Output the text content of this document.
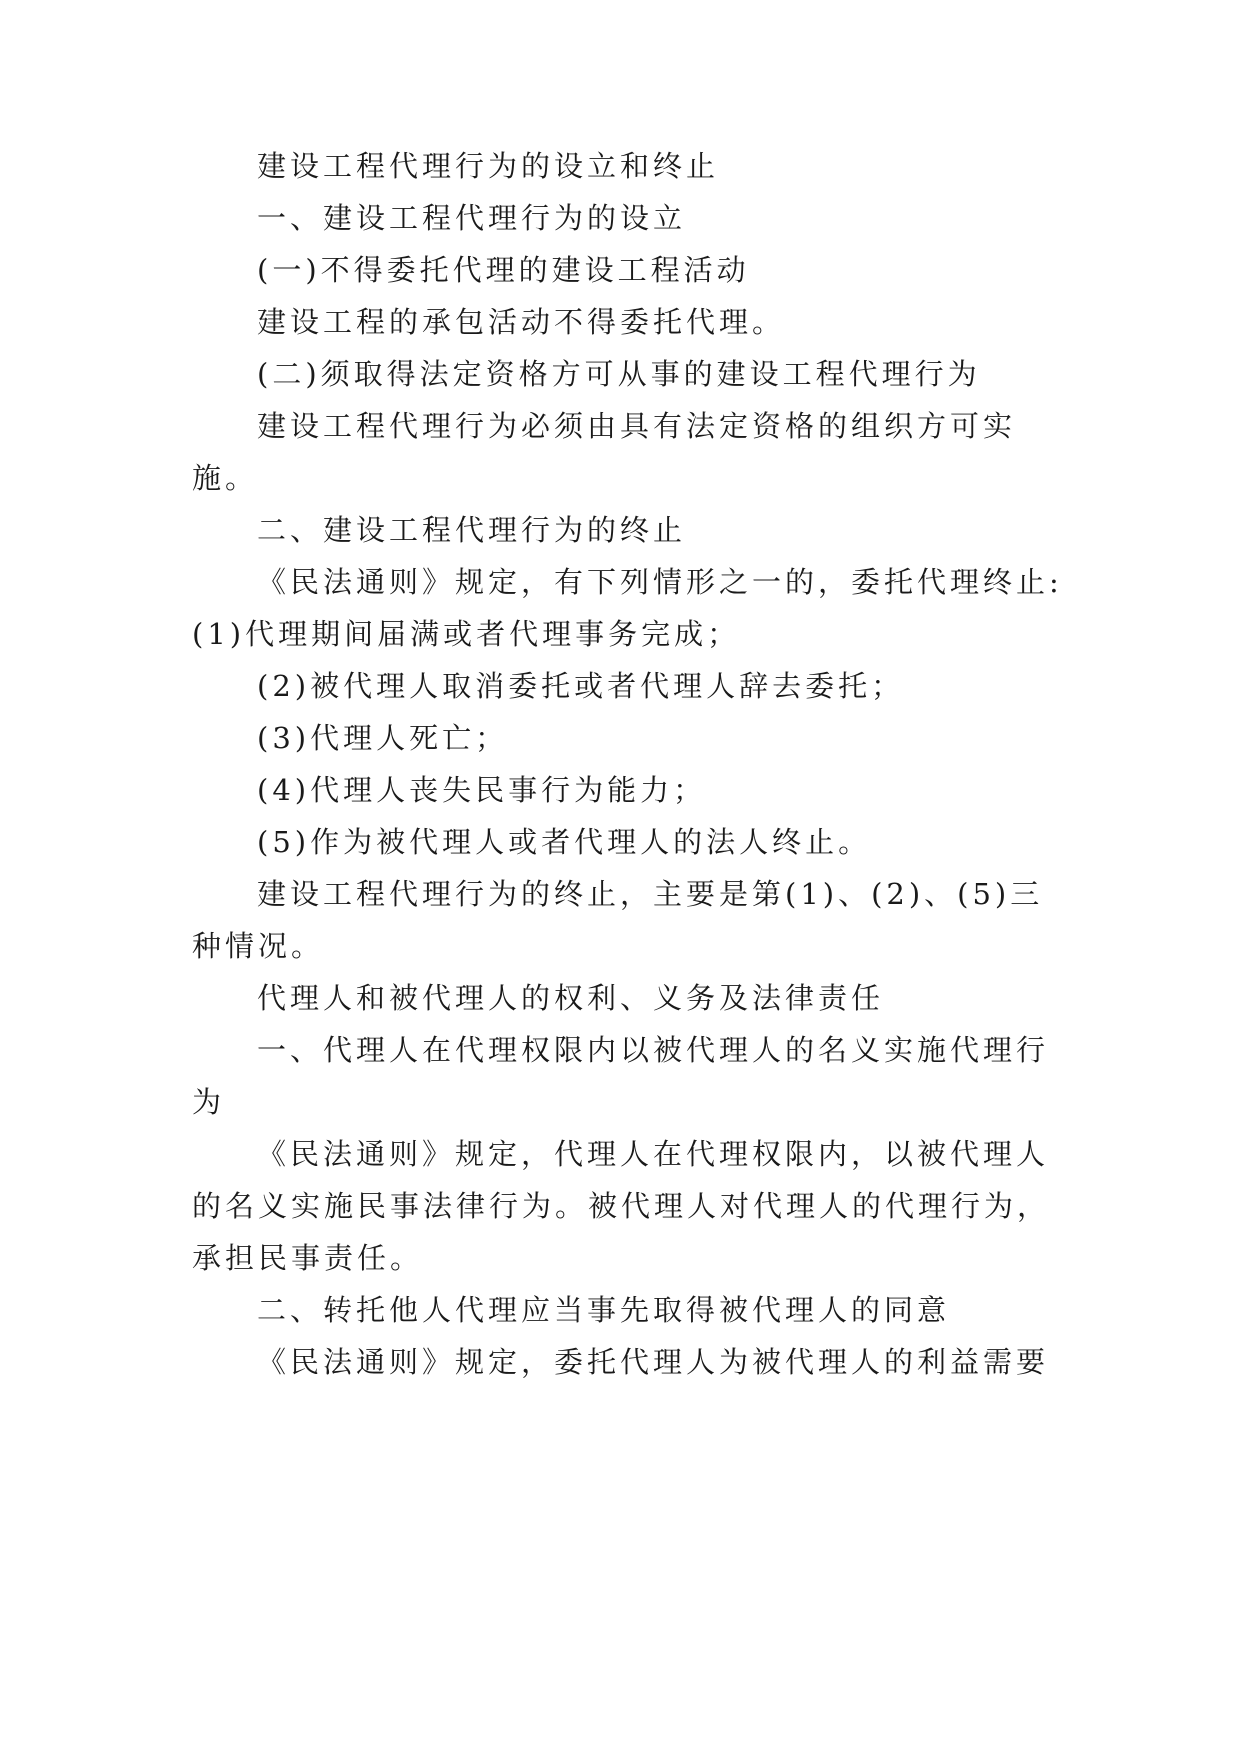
建设工程代理行为的设立和终止
一、建设工程代理行为的设立
(一)不得委托代理的建设工程活动
建设工程的承包活动不得委托代理。
(二)须取得法定资格方可从事的建设工程代理行为
建设工程代理行为必须由具有法定资格的组织方可实
施。
二、建设工程代理行为的终止
《民法通则》规定，有下列情形之一的，委托代理终止:
(1)代理期间届满或者代理事务完成；
(2)被代理人取消委托或者代理人辞去委托；
(3)代理人死亡；
(4)代理人丧失民事行为能力；
(5)作为被代理人或者代理人的法人终止。
建设工程代理行为的终止，主要是第(1)、(2)、(5)三
种情况。
代理人和被代理人的权利、义务及法律责任
一、代理人在代理权限内以被代理人的名义实施代理行
为
《民法通则》规定，代理人在代理权限内，以被代理人
的名义实施民事法律行为。被代理人对代理人的代理行为，
承担民事责任。
二、转托他人代理应当事先取得被代理人的同意
《民法通则》规定，委托代理人为被代理人的利益需要
